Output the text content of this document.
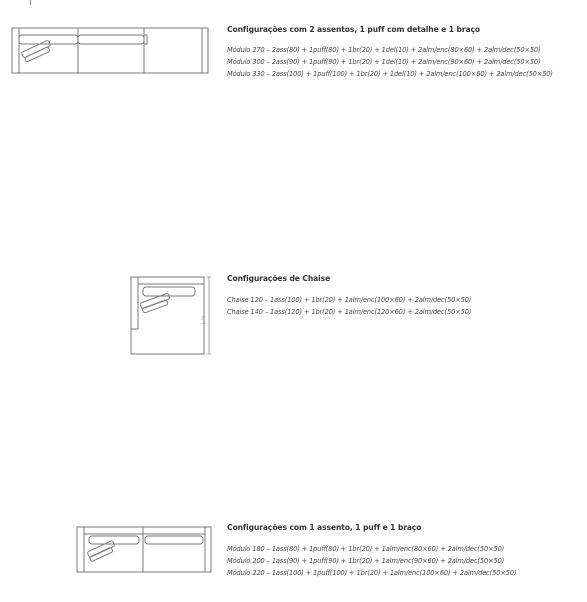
Configurações com 2 assentos, 1 puff com detalhe e 1 braço
Módulo 270 – 2ass(80) + 1puff(80) + 1br(20) + 1del(10) + 2alm/enc(80×60) + 2alm/dec(50×50)
Módulo 300 – 2ass(90) + 1puff(90) + 1br(20) + 1del(10) + 2alm/enc(90×60) + 2alm/dec(50×50)
Módulo 330 – 2ass(100) + 1puff(100) + 1br(20) + 1del(10) + 2alm/enc(100×60) + 2alm/dec(50×50)
1,40
Configurações de Chaise
Chaise 120 – 1ass(100) + 1br(20) + 1alm/enc(100×60) + 2alm/dec(50×50)
Chaise 140 – 1ass(120) + 1br(20) + 1alm/enc(120×60) + 2alm/dec(50×50)
Configurações com 1 assento, 1 puff e 1 braço
Módulo 180 – 1ass(80) + 1puff(80) + 1br(20) + 1alm/enc(80×60) + 2alm/dec(50×50)
Módulo 200 – 1ass(90) + 1puff(90) + 1br(20) + 1alm/enc(90×60) + 2alm/dec(50×50)
Módulo 220 – 1ass(100) + 1puff(100) + 1br(20) + 1alm/enc(100×60) + 2alm/dec(50×50)
